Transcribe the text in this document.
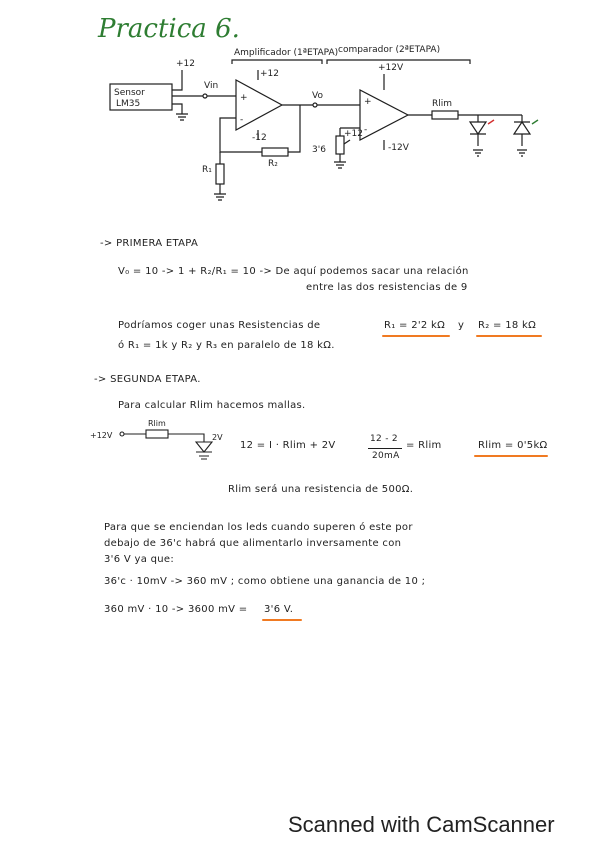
Practica 6.
Amplificador (1ªETAPA) comparador (2ªETAPA)
Sensor
LM35
+12
Vin
+12
-12
+
-
Vo
+12V
-12V
+
-
R₁
R₂
3'6
+12
Rlim
-> PRIMERA ETAPA
V₀ = 10 -> 1 + R₂/R₁ = 10 -> De aquí podemos sacar una relación
entre las dos resistencias de 9
Podríamos coger unas Resistencias de	R₁ = 2'2 kΩ y R₂ = 18 kΩ
ó R₁ = 1k y R₂ y R₃ en paralelo de 18 kΩ.
-> SEGUNDA ETAPA.
Para calcular Rlim hacemos mallas.
+12V
Rlim
2V
12 = I · Rlim + 2V
12 - 2
20mA
= Rlim	Rlim = 0'5kΩ
Rlim será una resistencia de 500Ω.
Para que se enciendan los leds cuando superen ó este por
debajo de 36'c habrá que alimentarlo inversamente con
3'6 V ya que:
36'c · 10mV -> 360 mV ; como obtiene una ganancia de 10 ;
360 mV · 10 -> 3600 mV = 3'6 V.
Scanned with CamScanner
